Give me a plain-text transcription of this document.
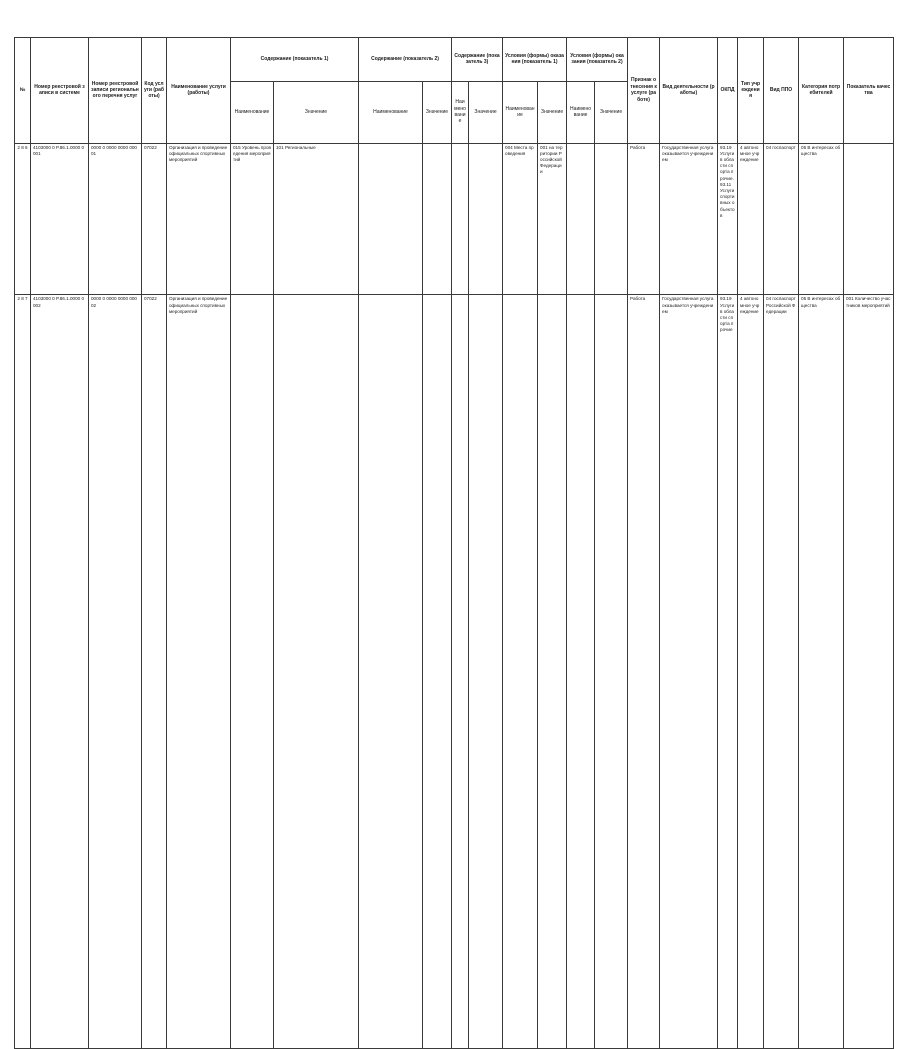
№	Номер реестровой записи в системе	Номер реестровой записи регионального перечня услуг	Код услуги (работы)	Наименование услуги (работы)	Содержание (показатель 1)		Содержание (показатель 2)		Содержание (показатель 3)		Условия (формы) оказания (показатель 1)		Условия (формы) оказания (показатель 2)		Признак отнесения к услуге (работе)	Вид деятельности (работы)	ОКПД	Тип учреждения	Вид ППО	Категория потребителей	Показатель качества	
					Наименование	Значение	Наименование	Значение	Наименование	Значение	Наименование	Значение	Наименование	Значение								
2 8 6	4103000 0 P.86.1.0000 0001	0000 0 0000 0000 00001	07022	Организация и проведение официальных спортивных мероприятий	015 Уровень проведения мероприятий	101 Региональные					004 Места проведения	001 на территории Российской Федерации			Работа	Государственная услуга оказывается учреждением	93.19 Услуги в области спорта прочие. 93.11 Услуги спортивных объектов	4 автономное учреждение	04 госпаспорт	05 В интересах общества		
2 8 7	4103000 0 P.86.1.0000 0002	0000 0 0000 0000 00002	07022	Организация и проведение официальных спортивных мероприятий											Работа	Государственная услуга оказывается учреждением	93.19 Услуги в области спорта прочие	4 автономное учреждение	04 госпаспорт Российской Федерации	05 В интересах общества	001 Количество участников мероприятий	
